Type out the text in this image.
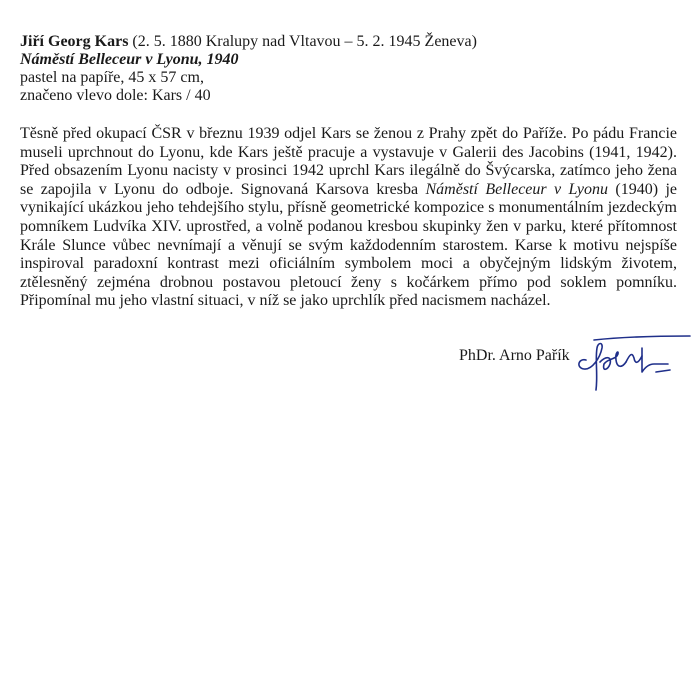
Jiří Georg Kars (2. 5. 1880 Kralupy nad Vltavou – 5. 2. 1945 Ženeva)
Náměstí Belleceur v Lyonu, 1940
pastel na papíře, 45 x 57 cm,
značeno vlevo dole: Kars / 40
Těsně před okupací ČSR v březnu 1939 odjel Kars se ženou z Prahy zpět do Paříže. Po pádu Francie museli uprchnout do Lyonu, kde Kars ještě pracuje a vystavuje v Galerii des Jacobins (1941, 1942). Před obsazením Lyonu nacisty v prosinci 1942 uprchl Kars ilegálně do Švýcarska, zatímco jeho žena se zapojila v Lyonu do odboje. Signovaná Karsova kresba Náměstí Belleceur v Lyonu (1940) je vynikající ukázkou jeho tehdejšího stylu, přísně geometrické kompozice s monumentálním jezdeckým pomníkem Ludvíka XIV. uprostřed, a volně podanou kresbou skupinky žen v parku, které přítomnost Krále Slunce vůbec nevnímají a věnují se svým každodenním starostem. Karse k motivu nejspíše inspiroval paradoxní kontrast mezi oficiálním symbolem moci a obyčejným lidským životem, ztělesněný zejména drobnou postavou pletoucí ženy s kočárkem přímo pod soklem pomníku. Připomínal mu jeho vlastní situaci, v níž se jako uprchlík před nacismem nacházel.
PhDr. Arno Pařík
